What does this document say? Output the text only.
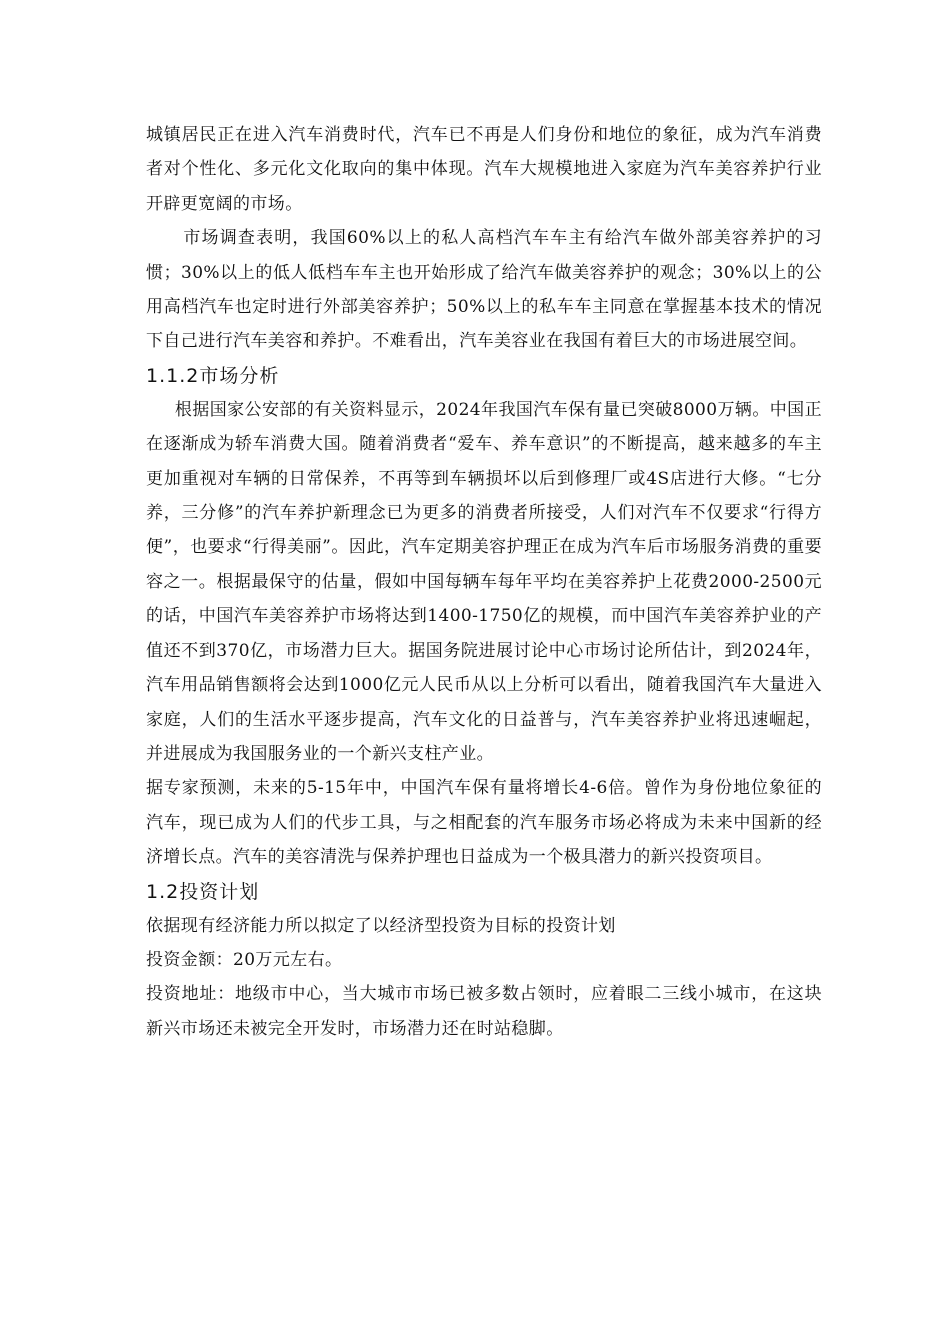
城镇居民正在进入汽车消费时代，汽车已不再是人们身份和地位的象征，成为汽车消费者对个性化、多元化文化取向的集中体现。汽车大规模地进入家庭为汽车美容养护行业开辟更宽阔的市场。

市场调查表明，我国60%以上的私人高档汽车车主有给汽车做外部美容养护的习惯；30%以上的低人低档车车主也开始形成了给汽车做美容养护的观念；30%以上的公用高档汽车也定时进行外部美容养护；50%以上的私车车主同意在掌握基本技术的情况下自己进行汽车美容和养护。不难看出，汽车美容业在我国有着巨大的市场进展空间。

1.1.2市场分析

根据国家公安部的有关资料显示，2024年我国汽车保有量已突破8000万辆。中国正在逐渐成为轿车消费大国。随着消费者“爱车、养车意识”的不断提高，越来越多的车主更加重视对车辆的日常保养，不再等到车辆损坏以后到修理厂或4S店进行大修。“七分养，三分修”的汽车养护新理念已为更多的消费者所接受，人们对汽车不仅要求“行得方便”，也要求“行得美丽”。因此，汽车定期美容护理正在成为汽车后市场服务消费的重要容之一。根据最保守的估量，假如中国每辆车每年平均在美容养护上花费2000-2500元的话，中国汽车美容养护市场将达到1400-1750亿的规模，而中国汽车美容养护业的产值还不到370亿，市场潜力巨大。据国务院进展讨论中心市场讨论所估计，到2024年，汽车用品销售额将会达到1000亿元人民币从以上分析可以看出，随着我国汽车大量进入家庭，人们的生活水平逐步提高，汽车文化的日益普与，汽车美容养护业将迅速崛起，并进展成为我国服务业的一个新兴支柱产业。

据专家预测，未来的5-15年中，中国汽车保有量将增长4-6倍。曾作为身份地位象征的汽车，现已成为人们的代步工具，与之相配套的汽车服务市场必将成为未来中国新的经济增长点。汽车的美容清洗与保养护理也日益成为一个极具潜力的新兴投资项目。

1.2投资计划

依据现有经济能力所以拟定了以经济型投资为目标的投资计划

投资金额：20万元左右。

投资地址：地级市中心，当大城市市场已被多数占领时，应着眼二三线小城市，在这块新兴市场还未被完全开发时，市场潜力还在时站稳脚。
